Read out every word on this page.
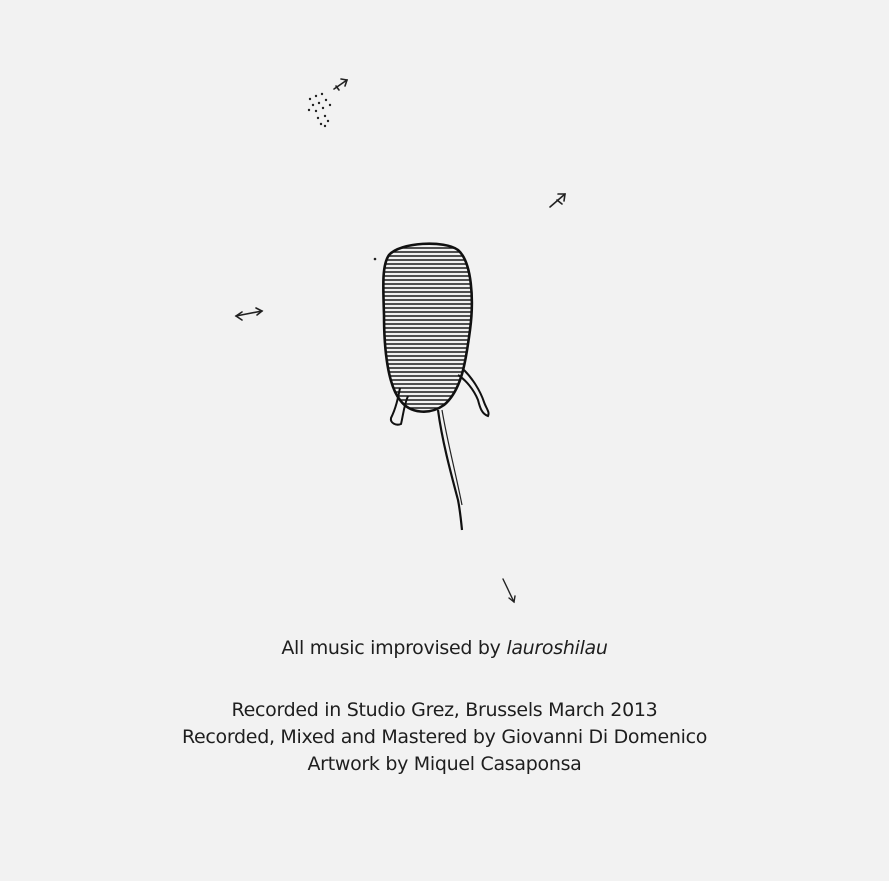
All music improvised by lauroshilau
Recorded in Studio Grez, Brussels March 2013
Recorded, Mixed and Mastered by Giovanni Di Domenico
Artwork by Miquel Casaponsa
